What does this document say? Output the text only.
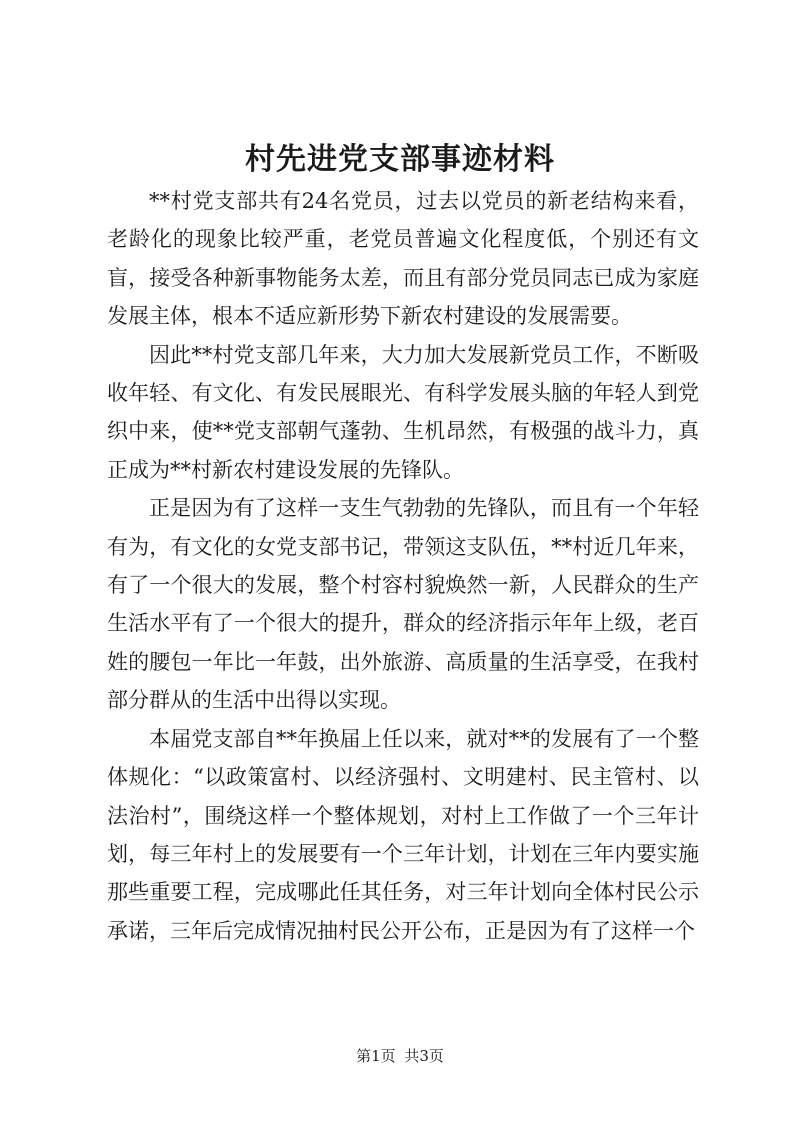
村先进党支部事迹材料

**村党支部共有24名党员，过去以党员的新老结构来看，老龄化的现象比较严重，老党员普遍文化程度低，个别还有文盲，接受各种新事物能务太差，而且有部分党员同志已成为家庭发展主体，根本不适应新形势下新农村建设的发展需要。

因此**村党支部几年来，大力加大发展新党员工作，不断吸收年轻、有文化、有发民展眼光、有科学发展头脑的年轻人到党织中来，使**党支部朝气蓬勃、生机昂然，有极强的战斗力，真正成为**村新农村建设发展的先锋队。

正是因为有了这样一支生气勃勃的先锋队，而且有一个年轻有为，有文化的女党支部书记，带领这支队伍，**村近几年来，有了一个很大的发展，整个村容村貌焕然一新，人民群众的生产生活水平有了一个很大的提升，群众的经济指示年年上级，老百姓的腰包一年比一年鼓，出外旅游、高质量的生活享受，在我村部分群从的生活中出得以实现。

本届党支部自**年换届上任以来，就对**的发展有了一个整体规化：“以政策富村、以经济强村、文明建村、民主管村、以法治村”，围绕这样一个整体规划，对村上工作做了一个三年计划，每三年村上的发展要有一个三年计划，计划在三年内要实施那些重要工程，完成哪此任其任务，对三年计划向全体村民公示承诺，三年后完成情况抽村民公开公布，正是因为有了这样一个

第1页 共3页
